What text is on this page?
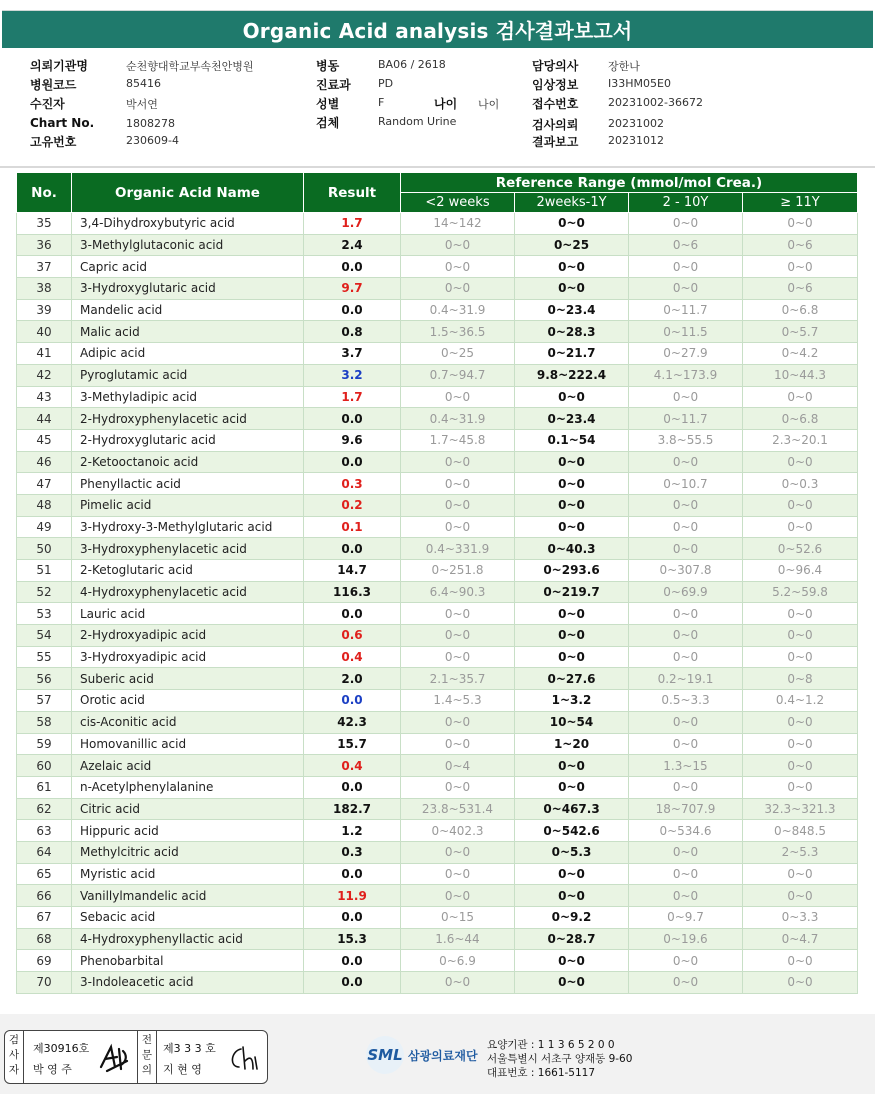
Organic Acid analysis 검사결과보고서
의뢰기관명	순천향대학교부속천안병원
병원코드	85416
수진자	박서연
Chart No.	1808278
고유번호	230609-4
병동	BA06 / 2618
진료과 PD
성별	F	나이 나이
검체	Random Urine
담당의사	장한나
임상정보	I33HM05E0
접수번호	20231002-36672
검사의뢰	20231002
결과보고	20231012
No.	Organic Acid Name	Result	Reference Range (mmol/mol Crea.)			
			<2 weeks	2weeks-1Y	2 - 10Y	≥ 11Y
35	3,4-Dihydroxybutyric acid	1.7	14~142	0~0	0~0	0~0
36	3-Methylglutaconic acid	2.4	0~0	0~25	0~6	0~6
37	Capric acid	0.0	0~0	0~0	0~0	0~0
38	3-Hydroxyglutaric acid	9.7	0~0	0~0	0~0	0~6
39	Mandelic acid	0.0	0.4~31.9	0~23.4	0~11.7	0~6.8
40	Malic acid	0.8	1.5~36.5	0~28.3	0~11.5	0~5.7
41	Adipic acid	3.7	0~25	0~21.7	0~27.9	0~4.2
42	Pyroglutamic acid	3.2	0.7~94.7	9.8~222.4	4.1~173.9	10~44.3
43	3-Methyladipic acid	1.7	0~0	0~0	0~0	0~0
44	2-Hydroxyphenylacetic acid	0.0	0.4~31.9	0~23.4	0~11.7	0~6.8
45	2-Hydroxyglutaric acid	9.6	1.7~45.8	0.1~54	3.8~55.5	2.3~20.1
46	2-Ketooctanoic acid	0.0	0~0	0~0	0~0	0~0
47	Phenyllactic acid	0.3	0~0	0~0	0~10.7	0~0.3
48	Pimelic acid	0.2	0~0	0~0	0~0	0~0
49	3-Hydroxy-3-Methylglutaric acid	0.1	0~0	0~0	0~0	0~0
50	3-Hydroxyphenylacetic acid	0.0	0.4~331.9	0~40.3	0~0	0~52.6
51	2-Ketoglutaric acid	14.7	0~251.8	0~293.6	0~307.8	0~96.4
52	4-Hydroxyphenylacetic acid	116.3	6.4~90.3	0~219.7	0~69.9	5.2~59.8
53	Lauric acid	0.0	0~0	0~0	0~0	0~0
54	2-Hydroxyadipic acid	0.6	0~0	0~0	0~0	0~0
55	3-Hydroxyadipic acid	0.4	0~0	0~0	0~0	0~0
56	Suberic acid	2.0	2.1~35.7	0~27.6	0.2~19.1	0~8
57	Orotic acid	0.0	1.4~5.3	1~3.2	0.5~3.3	0.4~1.2
58	cis-Aconitic acid	42.3	0~0	10~54	0~0	0~0
59	Homovanillic acid	15.7	0~0	1~20	0~0	0~0
60	Azelaic acid	0.4	0~4	0~0	1.3~15	0~0
61	n-Acetylphenylalanine	0.0	0~0	0~0	0~0	0~0
62	Citric acid	182.7	23.8~531.4	0~467.3	18~707.9	32.3~321.3
63	Hippuric acid	1.2	0~402.3	0~542.6	0~534.6	0~848.5
64	Methylcitric acid	0.3	0~0	0~5.3	0~0	2~5.3
65	Myristic acid	0.0	0~0	0~0	0~0	0~0
66	Vanillylmandelic acid	11.9	0~0	0~0	0~0	0~0
67	Sebacic acid	0.0	0~15	0~9.2	0~9.7	0~3.3
68	4-Hydroxyphenyllactic acid	15.3	1.6~44	0~28.7	0~19.6	0~4.7
69	Phenobarbital	0.0	0~6.9	0~0	0~0	0~0
70	3-Indoleacetic acid	0.0	0~0	0~0	0~0	0~0
검
사
자
제30916호
박 영 주
전
문
의
제3 3 3 호
지 현 영
SML 삼광의료재단
요양기관 : 1 1 3 6 5 2 0 0
서울특별시 서초구 양재동 9-60
대표번호 : 1661-5117
